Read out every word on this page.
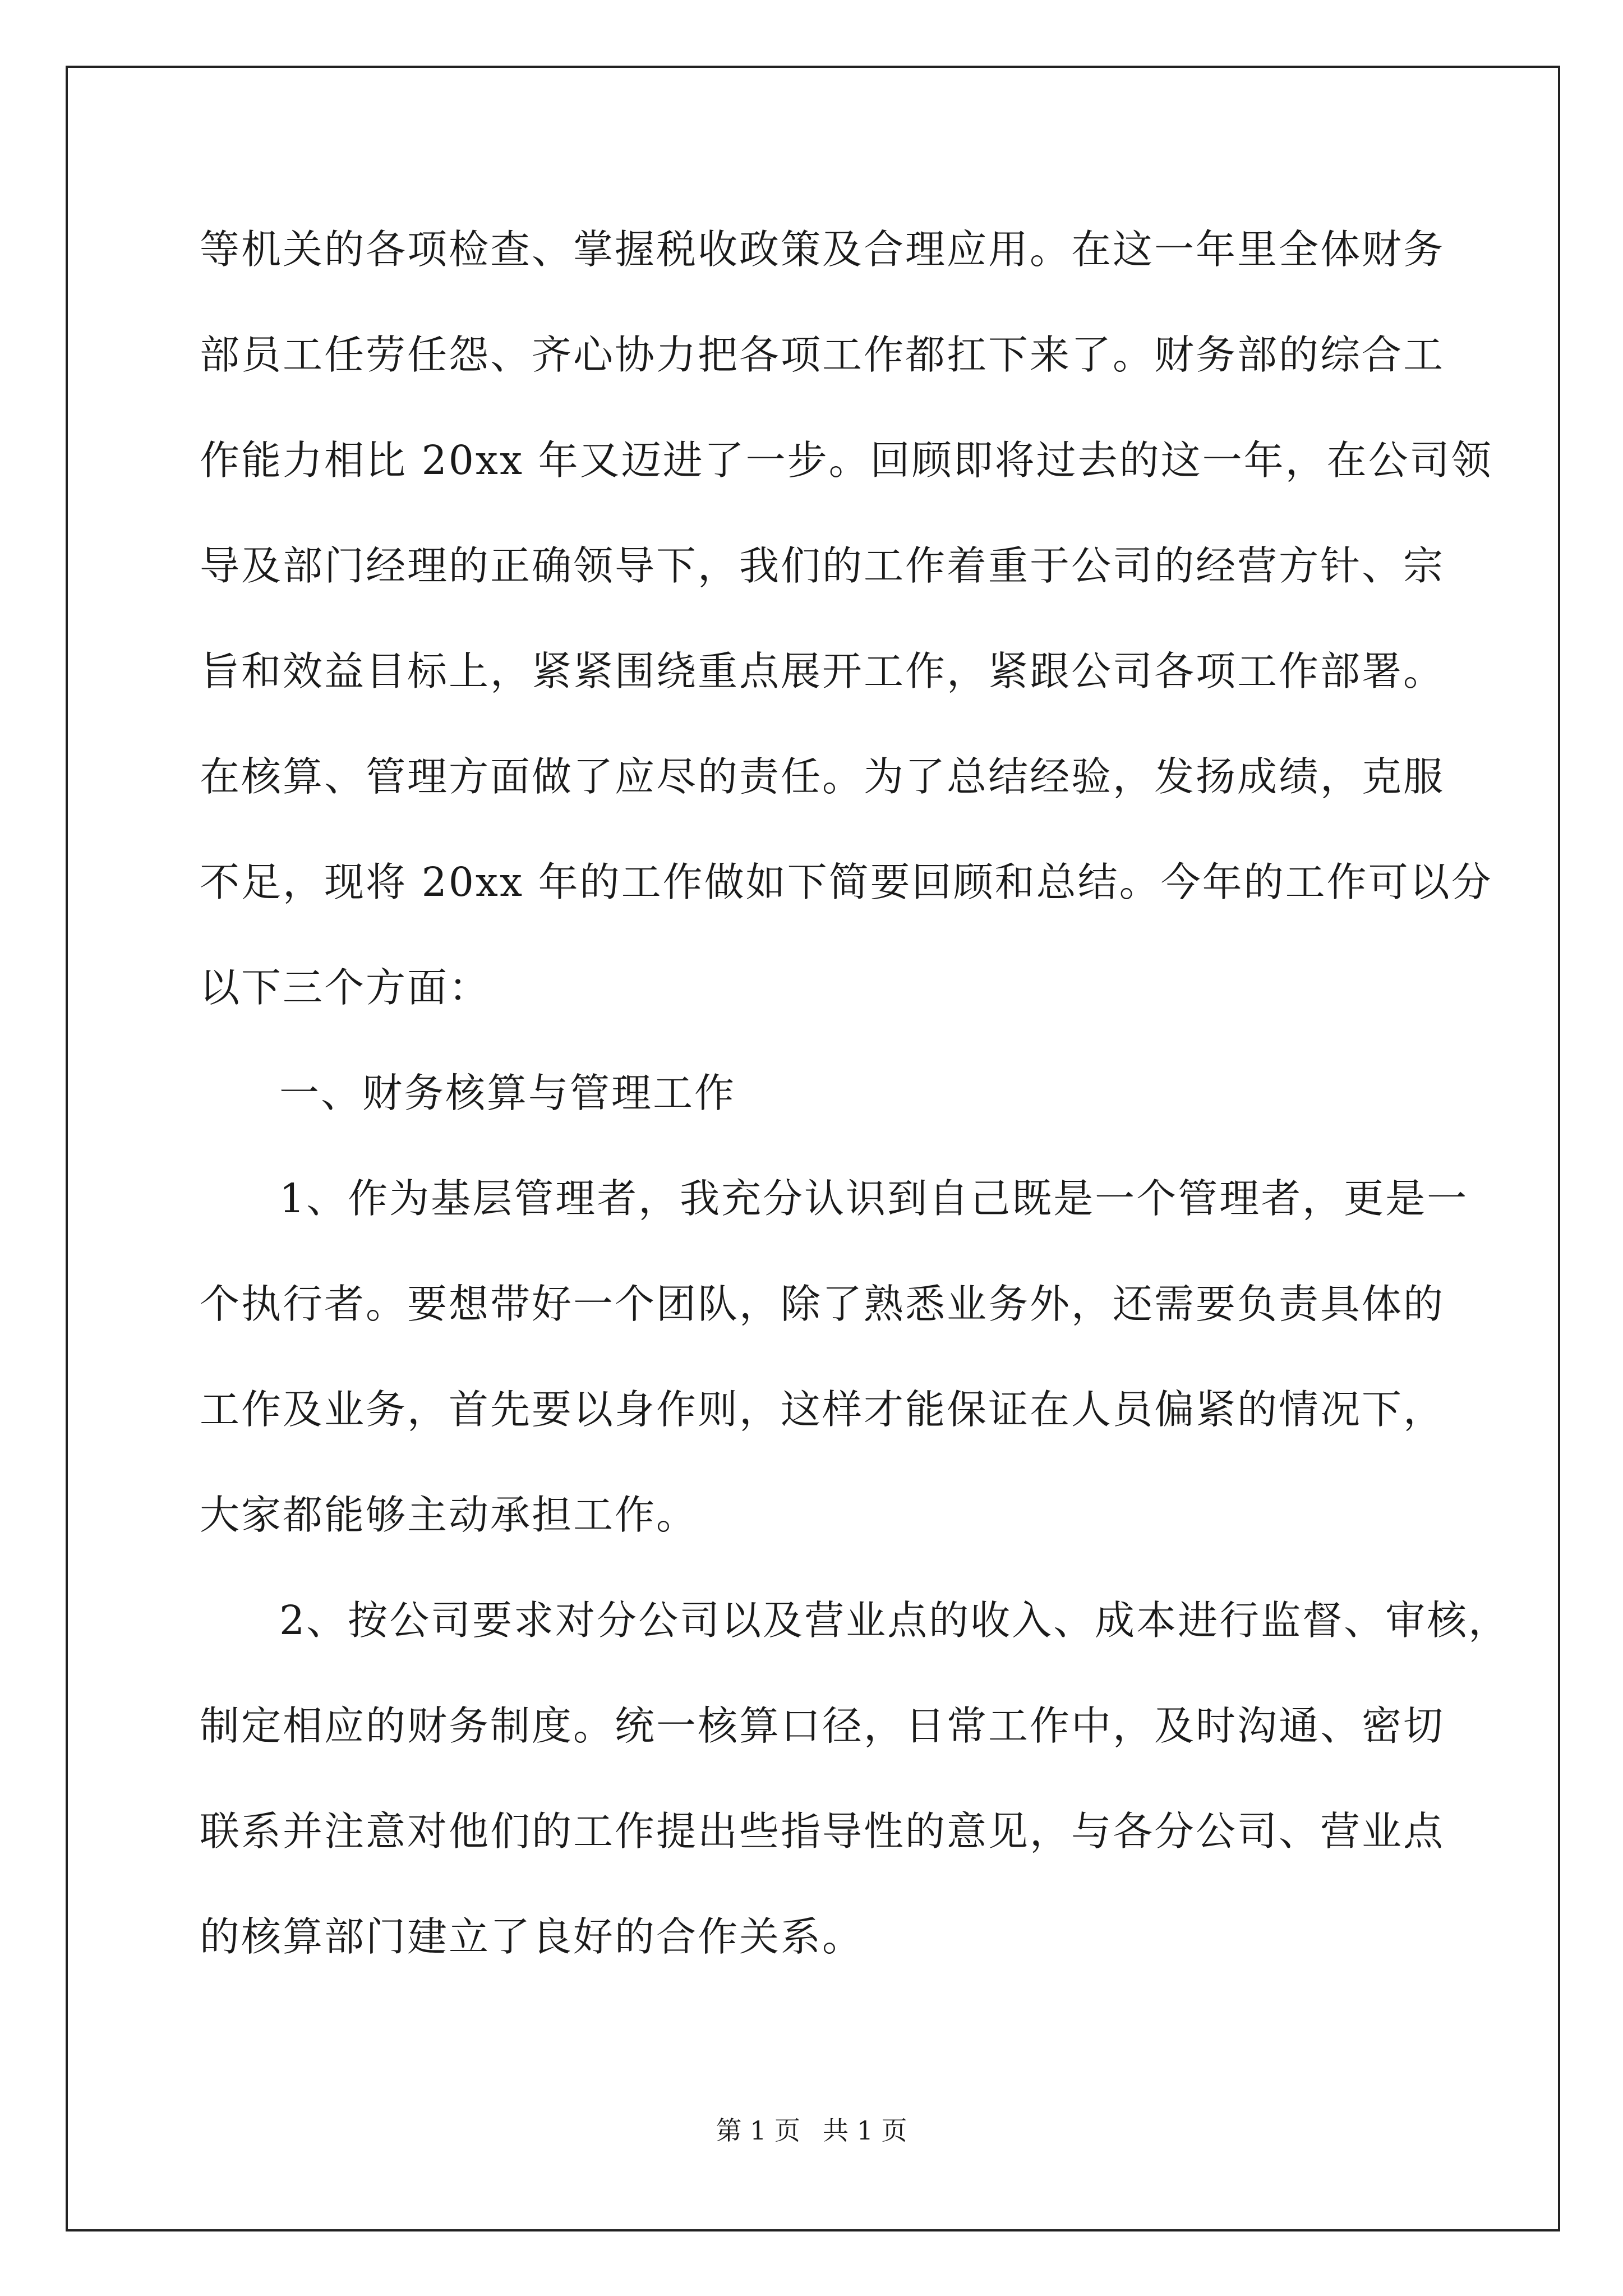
等机关的各项检查、掌握税收政策及合理应用。在这一年里全体财务
部员工任劳任怨、齐心协力把各项工作都扛下来了。财务部的综合工
作能力相比 20xx 年又迈进了一步。回顾即将过去的这一年，在公司领
导及部门经理的正确领导下，我们的工作着重于公司的经营方针、宗
旨和效益目标上，紧紧围绕重点展开工作，紧跟公司各项工作部署。
在核算、管理方面做了应尽的责任。为了总结经验，发扬成绩，克服
不足，现将 20xx 年的工作做如下简要回顾和总结。今年的工作可以分
以下三个方面：
一、财务核算与管理工作
1、作为基层管理者，我充分认识到自己既是一个管理者，更是一
个执行者。要想带好一个团队，除了熟悉业务外，还需要负责具体的
工作及业务，首先要以身作则，这样才能保证在人员偏紧的情况下，
大家都能够主动承担工作。
2、按公司要求对分公司以及营业点的收入、成本进行监督、审核，
制定相应的财务制度。统一核算口径，日常工作中，及时沟通、密切
联系并注意对他们的工作提出些指导性的意见，与各分公司、营业点
的核算部门建立了良好的合作关系。
第 1 页 共 1 页
